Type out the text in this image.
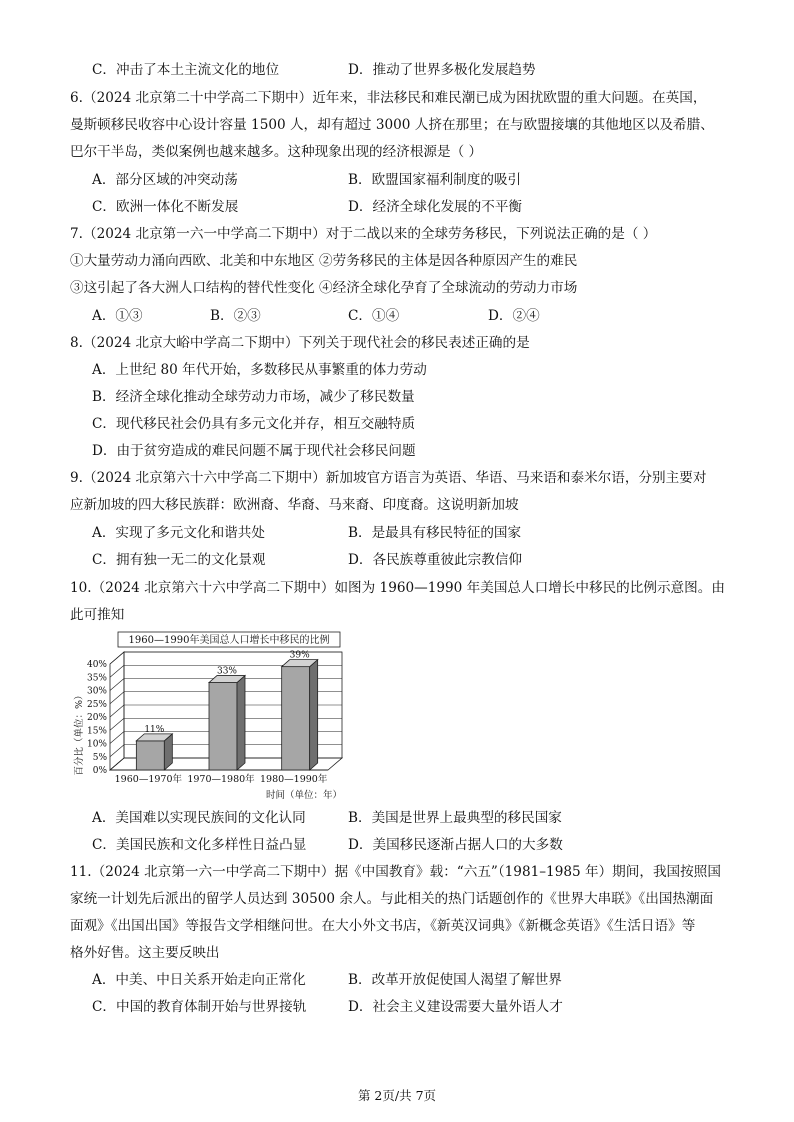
C．冲击了本土主流文化的地位	D．推动了世界多极化发展趋势
6.（2024 北京第二十中学高二下期中）近年来，非法移民和难民潮已成为困扰欧盟的重大问题。在英国，
曼斯顿移民收容中心设计容量 1500 人，却有超过 3000 人挤在那里；在与欧盟接壤的其他地区以及希腊、
巴尔干半岛，类似案例也越来越多。这种现象出现的经济根源是（ ）
A．部分区域的冲突动荡	B．欧盟国家福利制度的吸引
C．欧洲一体化不断发展	D．经济全球化发展的不平衡
7.（2024 北京第一六一中学高二下期中）对于二战以来的全球劳务移民，下列说法正确的是（ ）
①大量劳动力涌向西欧、北美和中东地区 ②劳务移民的主体是因各种原因产生的难民
③这引起了各大洲人口结构的替代性变化 ④经济全球化孕育了全球流动的劳动力市场
A．①③	B．②③	C．①④	D．②④
8.（2024 北京大峪中学高二下期中）下列关于现代社会的移民表述正确的是
A．上世纪 80 年代开始，多数移民从事繁重的体力劳动
B．经济全球化推动全球劳动力市场，减少了移民数量
C．现代移民社会仍具有多元文化并存，相互交融特质
D．由于贫穷造成的难民问题不属于现代社会移民问题
9.（2024 北京第六十六中学高二下期中）新加坡官方语言为英语、华语、马来语和泰米尔语，分别主要对
应新加坡的四大移民族群：欧洲裔、华裔、马来裔、印度裔。这说明新加坡
A．实现了多元文化和谐共处	B．是最具有移民特征的国家
C．拥有独一无二的文化景观	D．各民族尊重彼此宗教信仰
10.（2024 北京第六十六中学高二下期中）如图为 1960—1990 年美国总人口增长中移民的比例示意图。由
此可推知
0%
5%
10%
15%
20%
25%
30%
35%
40%
11%
1960—1970年
33%
1970—1980年
39%
1980—1990年
1960—1990年美国总人口增长中移民的比例
百分比（单位：%）
时间（单位：年）
A．美国难以实现民族间的文化认同	B．美国是世界上最典型的移民国家
C．美国民族和文化多样性日益凸显	D．美国移民逐渐占据人口的大多数
11.（2024 北京第一六一中学高二下期中）据《中国教育》载：“六五”（1981–1985 年）期间，我国按照国
家统一计划先后派出的留学人员达到 30500 余人。与此相关的热门话题创作的《世界大串联》《出国热潮面
面观》《出国出国》等报告文学相继问世。在大小外文书店，《新英汉词典》《新概念英语》《生活日语》等
格外好售。这主要反映出
A．中美、中日关系开始走向正常化	B．改革开放促使国人渴望了解世界
C．中国的教育体制开始与世界接轨	D．社会主义建设需要大量外语人才
第 2页/共 7页
